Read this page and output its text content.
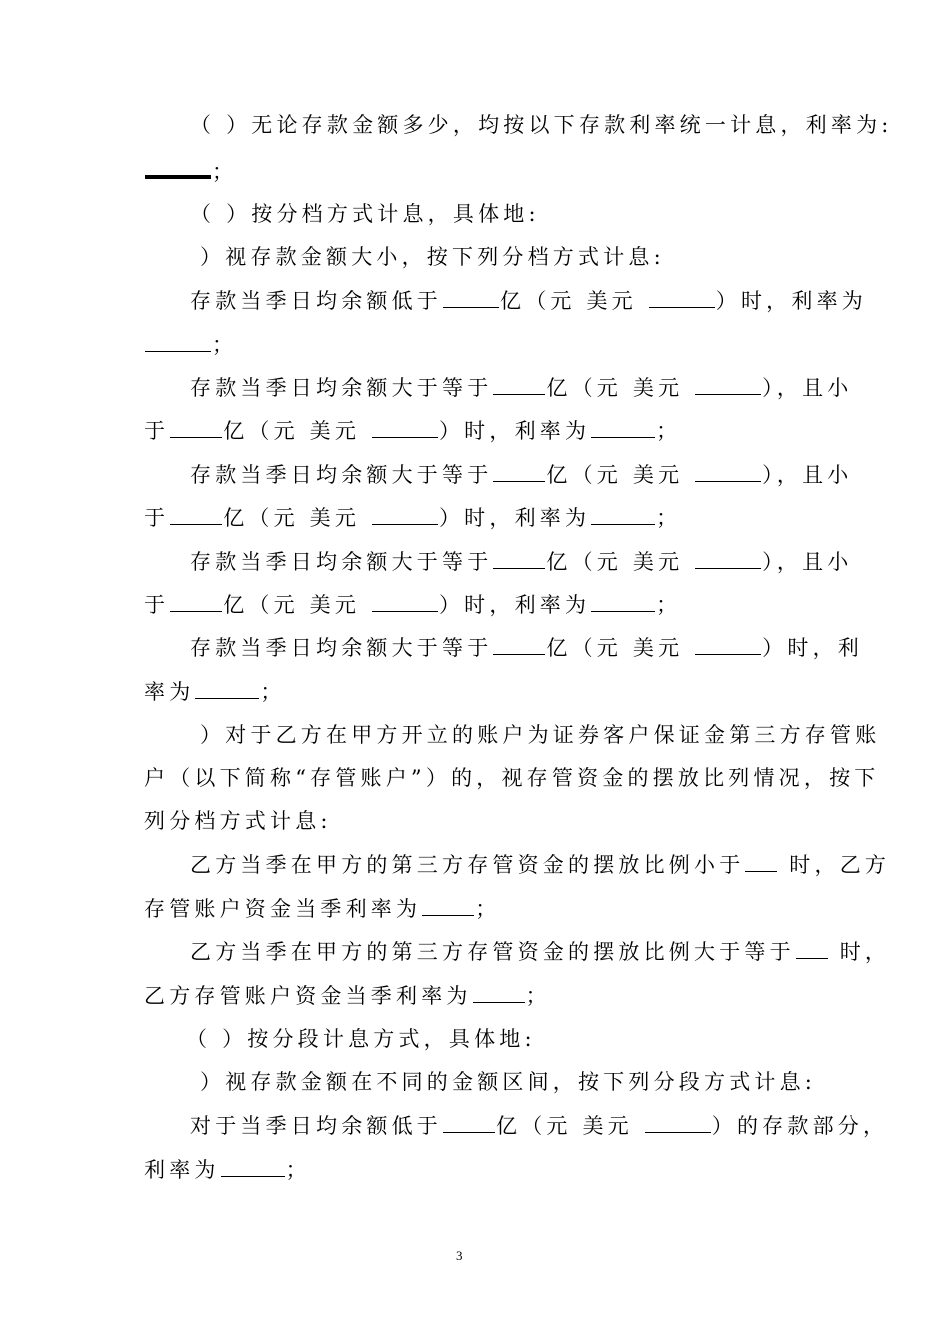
（ ）无论存款金额多少，均按以下存款利率统一计息，利率为:
；
（ ）按分档方式计息，具体地:
）视存款金额大小，按下列分档方式计息:
存款当季日均余额低于	亿（元 美元	）时，利率为
；
存款当季日均余额大于等于	亿（元 美元	），且小
于	亿（元 美元	）时，利率为	；
存款当季日均余额大于等于	亿（元 美元	），且小
于	亿（元 美元	）时，利率为	；
存款当季日均余额大于等于	亿（元 美元	），且小
于	亿（元 美元	）时，利率为	；
存款当季日均余额大于等于	亿（元 美元	）时，利
率为	；
）对于乙方在甲方开立的账户为证券客户保证金第三方存管账
户（以下简称“存管账户”）的，视存管资金的摆放比列情况，按下
列分档方式计息:
乙方当季在甲方的第三方存管资金的摆放比例小于 时，乙方
存管账户资金当季利率为	；
乙方当季在甲方的第三方存管资金的摆放比例大于等于 时，
乙方存管账户资金当季利率为	；
（ ）按分段计息方式，具体地:
）视存款金额在不同的金额区间，按下列分段方式计息:
对于当季日均余额低于	亿（元 美元	）的存款部分，
利率为	；
3
